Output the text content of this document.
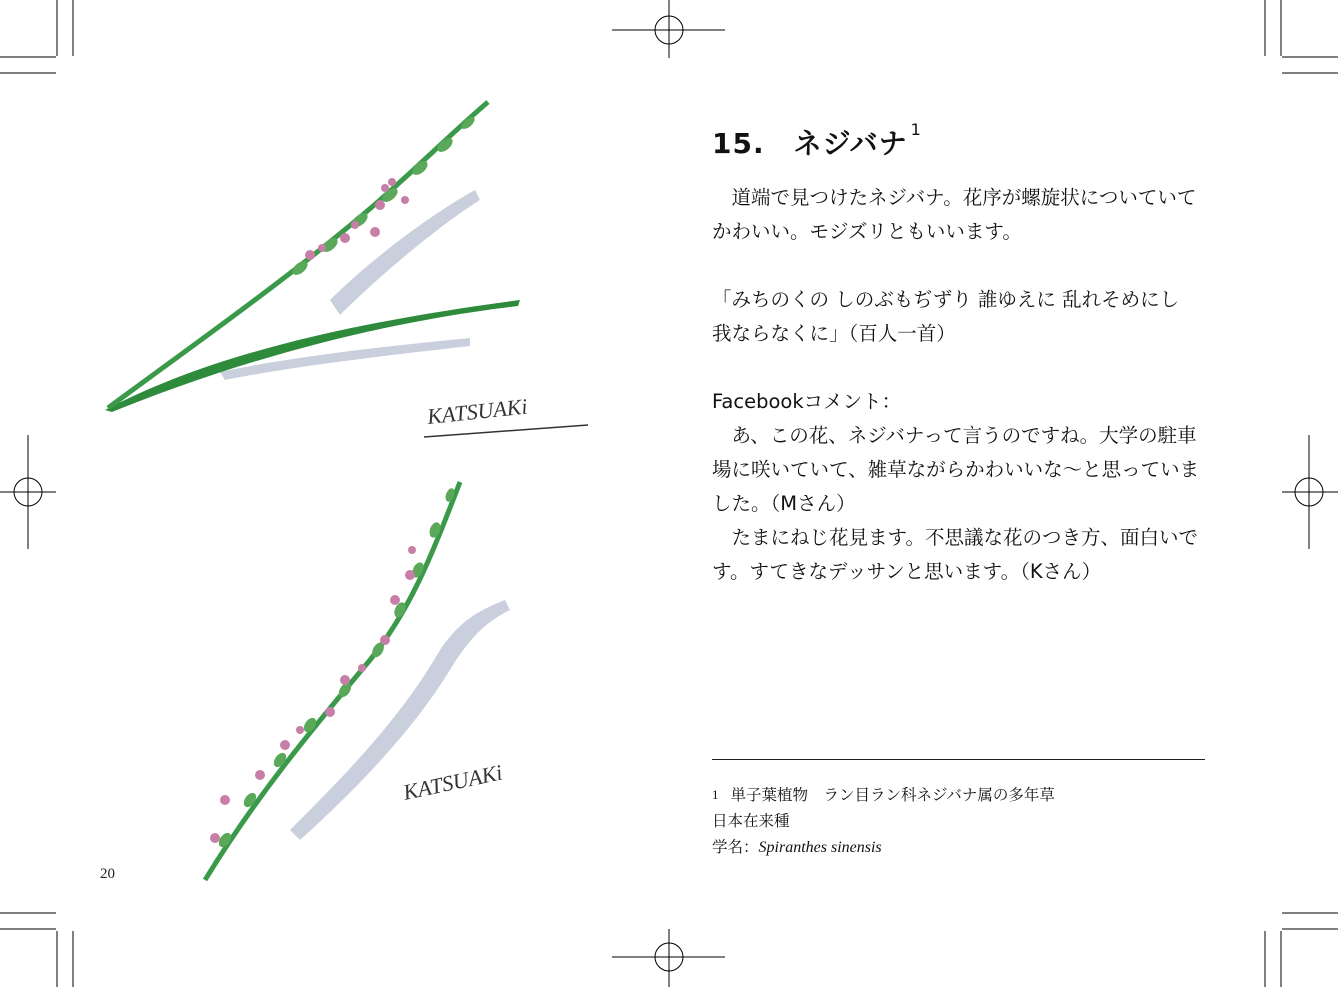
KATSUAKi
KATSUAKi
20
15.　 ネジバナ $^1$

　道端で見つけたネジバナ。花序が螺旋状についていて

かわいい。モジズリともいいます。

「みちのくの しのぶもぢずり 誰ゆえに 乱れそめにし

我ならなくに」（百人一首）

Facebookコメント：

　あ、この花、ネジバナって言うのですね。大学の駐車

場に咲いていて、雑草ながらかわいいな〜と思っていま

した。（Mさん）

　たまにねじ花見ます。不思議な花のつき方、面白いで

す。すてきなデッサンと思います。（Kさん）

$^1$ 単子葉植物　ラン目ラン科ネジバナ属の多年草

日本在来種

学名：Spiranthes sinensis
